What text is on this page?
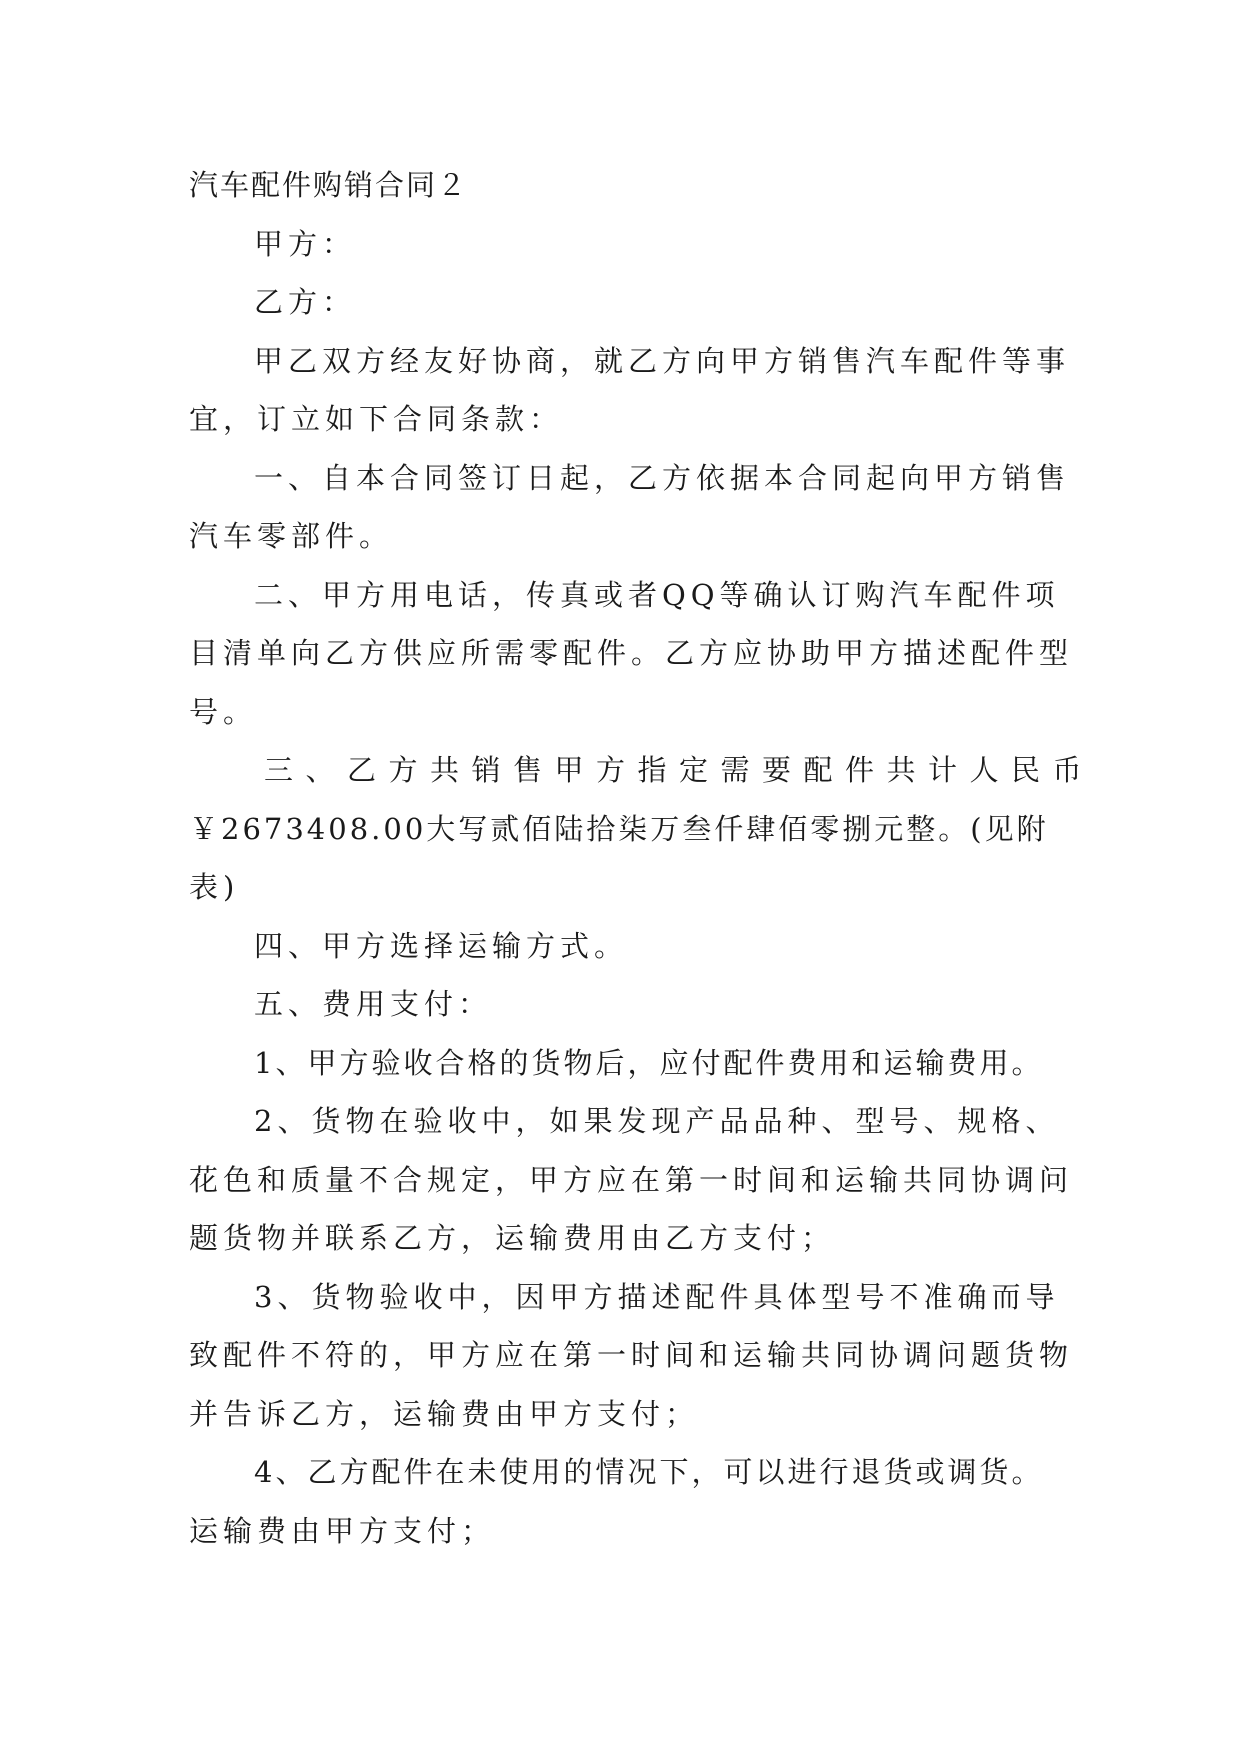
汽车配件购销合同２
甲方：
乙方：
甲乙双方经友好协商，就乙方向甲方销售汽车配件等事
宜，订立如下合同条款：
一、自本合同签订日起，乙方依据本合同起向甲方销售
汽车零部件。
二、甲方用电话，传真或者QQ等确认订购汽车配件项
目清单向乙方供应所需零配件。乙方应协助甲方描述配件型
号。
三、乙方共销售甲方指定需要配件共计人民币
￥2673408.00大写贰佰陆拾柒万叁仟肆佰零捌元整。(见附
表)
四、甲方选择运输方式。
五、费用支付：
1、甲方验收合格的货物后，应付配件费用和运输费用。
2、货物在验收中，如果发现产品品种、型号、规格、
花色和质量不合规定，甲方应在第一时间和运输共同协调问
题货物并联系乙方，运输费用由乙方支付；
3、货物验收中，因甲方描述配件具体型号不准确而导
致配件不符的，甲方应在第一时间和运输共同协调问题货物
并告诉乙方，运输费由甲方支付；
4、乙方配件在未使用的情况下，可以进行退货或调货。
运输费由甲方支付；
